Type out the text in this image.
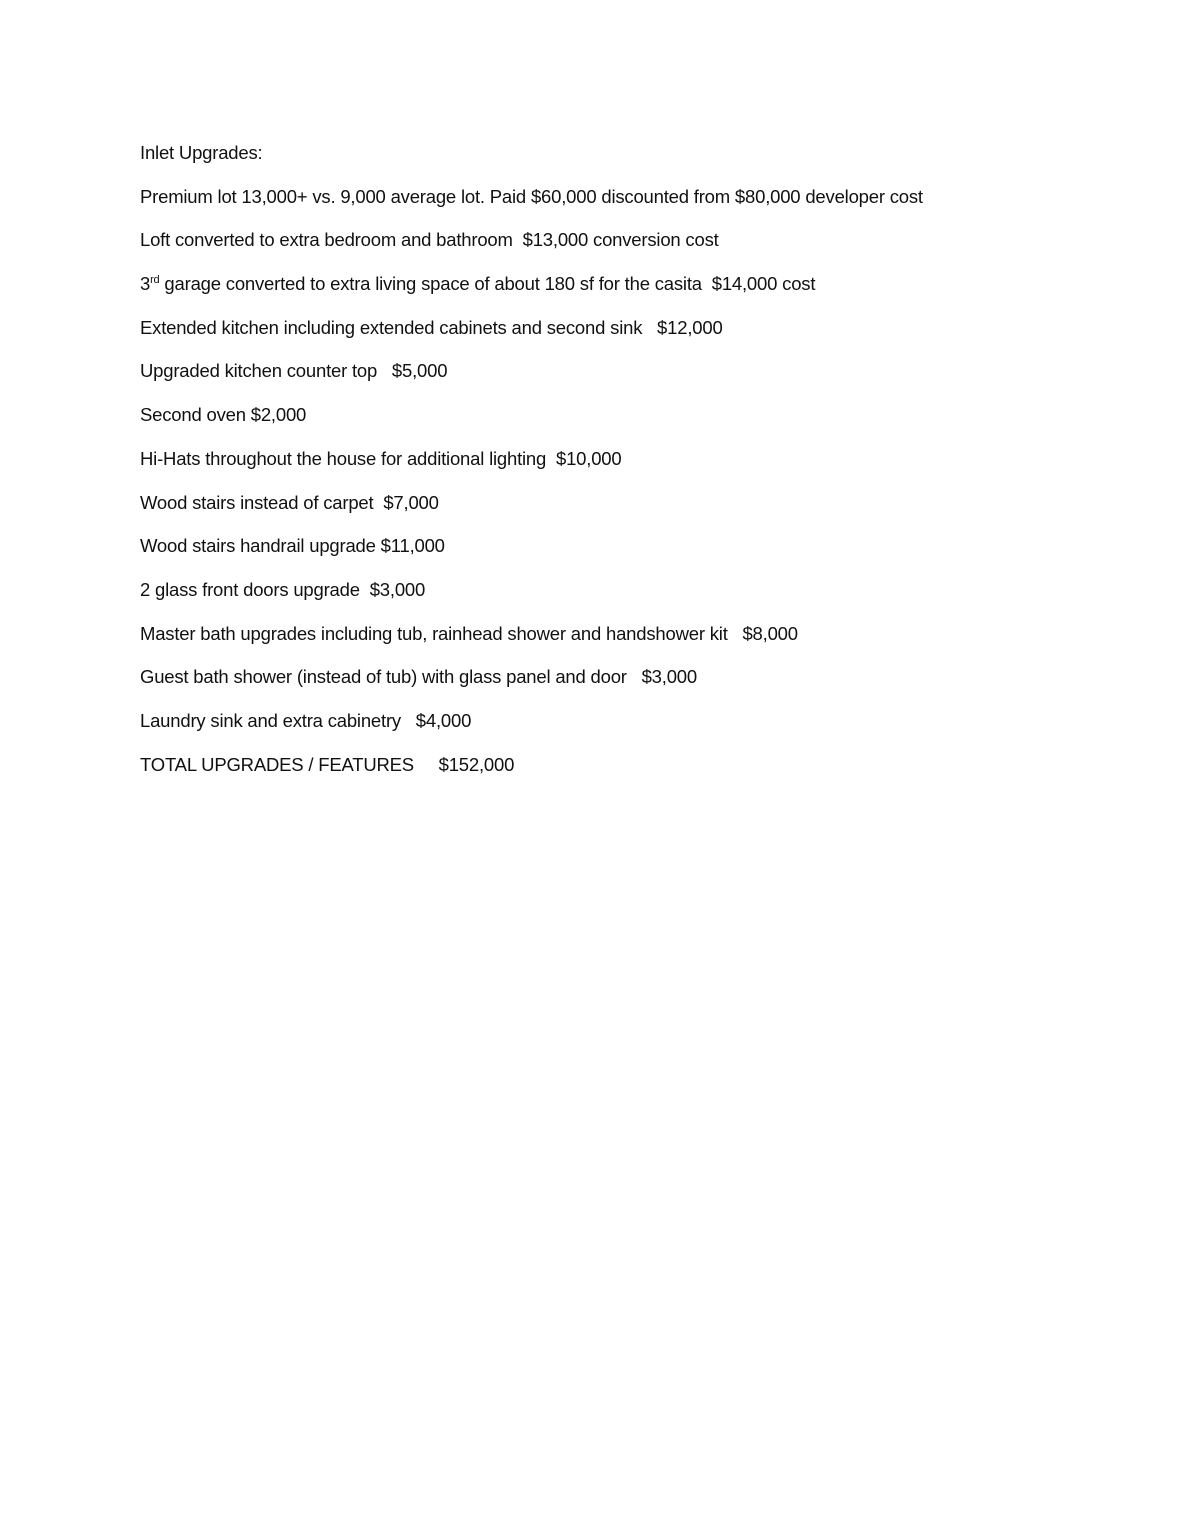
Inlet Upgrades:
Premium lot 13,000+ vs. 9,000 average lot. Paid $60,000 discounted from $80,000 developer cost
Loft converted to extra bedroom and bathroom  $13,000 conversion cost
3rd garage converted to extra living space of about 180 sf for the casita  $14,000 cost
Extended kitchen including extended cabinets and second sink   $12,000
Upgraded kitchen counter top   $5,000
Second oven $2,000
Hi-Hats throughout the house for additional lighting  $10,000
Wood stairs instead of carpet  $7,000
Wood stairs handrail upgrade $11,000
2 glass front doors upgrade  $3,000
Master bath upgrades including tub, rainhead shower and handshower kit   $8,000
Guest bath shower (instead of tub) with glass panel and door   $3,000
Laundry sink and extra cabinetry   $4,000
TOTAL UPGRADES / FEATURES     $152,000
